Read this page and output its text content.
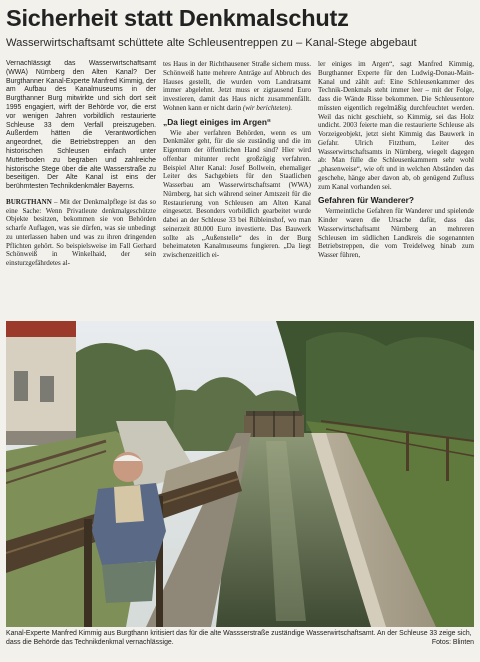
Sicherheit statt Denkmalschutz
Wasserwirtschaftsamt schüttete alte Schleusentreppen zu – Kanal-Stege abgebaut

Vernachlässigt das Wasserwirtschaftsamt (WWA) Nürnberg den Alten Kanal? Der Burgthanner Kanal-Experte Manfred Kimmig, der am Aufbau des Kanalmuseums in der Burgthanner Burg mitwirkte und sich dort seit 1995 engagiert, wirft der Behörde vor, die erst vor wenigen Jahren vorbildlich restaurierte Schleuse 33 dem Verfall preiszugeben. Außerdem hätten die Verantwortlichen angeordnet, die Betriebstreppen an den historischen Schleusen einfach unter Mutterboden zu begraben und zahlreiche historische Stege über die alte Wasserstraße zu beseitigen. Der Alte Kanal ist eins der berühmtesten Technikdenkmäler Bayerns.

BURGTHANN – Mit der Denkmalpflege ist das so eine Sache: Wenn Privatleute denkmalgeschützte Objekte besitzen, bekommen sie von Behörden scharfe Auflagen, was sie dürfen, was sie unbedingt zu unterlassen haben und was zu ihren dringenden Pflichten gehört. So beispielsweise im Fall Gerhard Schönweiß in Winkelhaid, der sein einsturzgefährdetes al-

tes Haus in der Richthausener Straße sichern muss. Schönweiß hatte mehrere Anträge auf Abbruch des Hauses gestellt, die wurden vom Landratsamt immer abgelehnt. Jetzt muss er zigtausend Euro investieren, damit das Haus nicht zusammenfällt. Wohnen kann er nicht darin (wir berichteten).

„Da liegt einiges im Argen“

Wie aber verfahren Behörden, wenn es um Denkmäler geht, für die sie zuständig und die im Eigentum der öffentlichen Hand sind? Hier wird offenbar mitunter recht großzügig verfahren. Beispiel Alter Kanal: Josef Bollwein, ehemaliger Leiter des Sachgebiets für den Staatlichen Wasserbau am Wasserwirtschaftsamt (WWA) Nürnberg, hat sich während seiner Amtszeit für die Restaurierung von Schleusen am Alten Kanal eingesetzt. Besonders vorbildlich gearbeitet wurde dabei an der Schleuse 33 bei Rübleinshof, wo man seinerzeit 80.000 Euro investierte. Das Bauwerk sollte als „Außenstelle“ des in der Burg beheimateten Kanalmuseums fungieren. „Da liegt zwischenzeitlich ei-

ler einiges im Argen“, sagt Manfred Kimmig, Burgthanner Experte für den Ludwig-Donau-Main-Kanal und zählt auf: Eine Schleusenkammer des Technik-Denkmals steht immer leer – mit der Folge, dass die Wände Risse bekommen. Die Schleusentore müssten eigentlich regelmäßig durchfeuchtet werden. Weil das nicht geschieht, so Kimmig, sei das Holz undicht. 2003 feierte man die restaurierte Schleuse als Vorzeigeobjekt, jetzt sieht Kimmig das Bauwerk in Gefahr. Ulrich Fitzthum, Leiter des Wasserwirtschaftsamts in Nürnberg, wiegelt dagegen ab: Man fülle die Schleusenkammern sehr wohl „phasenweise“, wie oft und in welchen Abständen das geschehe, hänge aber davon ab, ob genügend Zufluss zum Kanal vorhanden sei.

Gefahren für Wanderer?

Vermeintliche Gefahren für Wanderer und spielende Kinder waren die Ursache dafür, dass das Wasserwirtschaftsamt Nürnberg an mehreren Schleusen im südlichen Landkreis die sogenannten Betriebstreppen, die vom Treidelweg hinab zum Wasser führen,

Kanal-Experte Manfred Kimmig aus Burgthann kritisiert das für die alte Wassserstraße zuständige Wasserwirtschaftsamt. An der Schleuse 33 zeige sich, dass die Behörde das Technikdenkmal vernachlässige.	Fotos: Blinten
